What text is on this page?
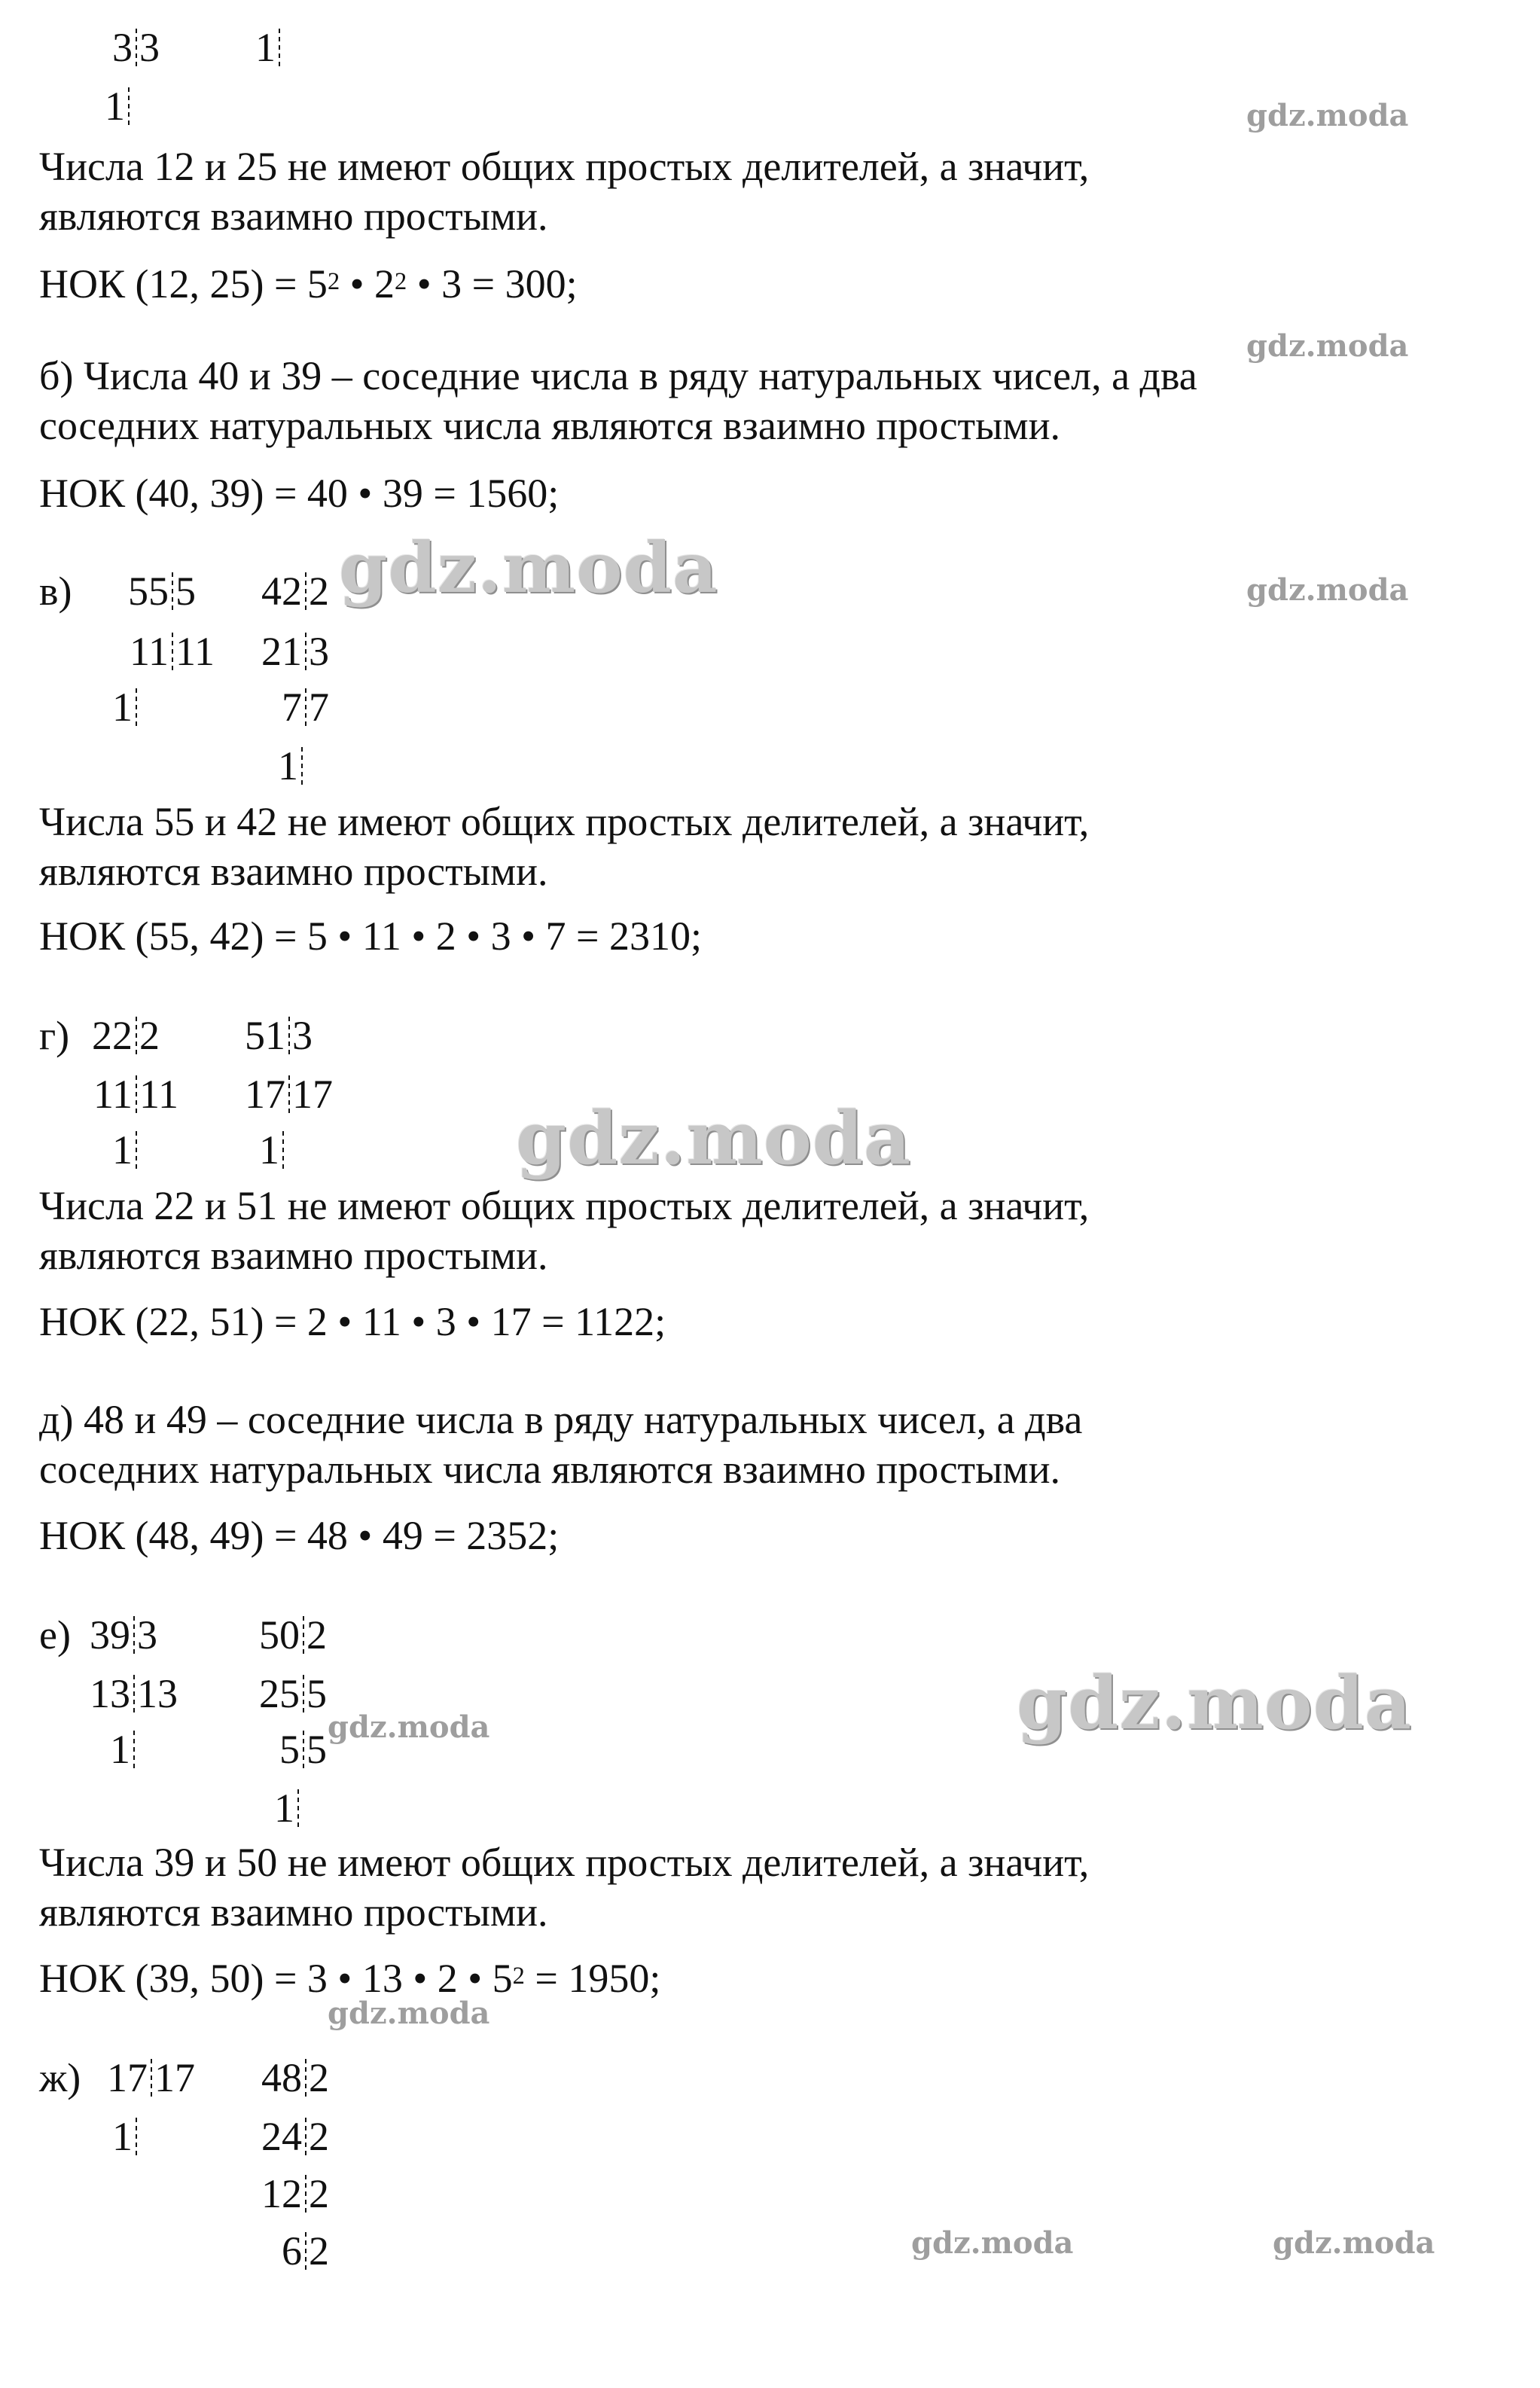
gdz.moda
gdz.moda
gdz.moda	gdz.moda
gdz.moda
gdz.moda
gdz.moda
gdz.moda
gdz.moda	gdz.moda
3 3 1
1
Числа 12 и 25 не имеют общих простых делителей, а значит,
являются взаимно простыми.
НОК (12, $25) = 5^2$ • $2^2$ • 3 = 300;
б) Числа 40 и 39 – соседние числа в ряду натуральных чисел, а два
соседних натуральных числа являются взаимно простыми.
НОК (40, 39) = 40 • 39 = 1560;
в) 55 5
11 11
1
42 2
21 3
7 7
1
Числа 55 и 42 не имеют общих простых делителей, а значит,
являются взаимно простыми.
НОК (55, 42) = 5 • 11 • 2 • 3 • 7 = 2310;
г) 22 2
11 11
1
51 3
17 17
1
Числа 22 и 51 не имеют общих простых делителей, а значит,
являются взаимно простыми.
НОК (22, 51) = 2 • 11 • 3 • 17 = 1122;
д) 48 и 49 – соседние числа в ряду натуральных чисел, а два
соседних натуральных числа являются взаимно простыми.
НОК (48, 49) = 48 • 49 = 2352;
е) 39 3
13 13
1
50 2
25 5
5 5
1
Числа 39 и 50 не имеют общих простых делителей, а значит,
являются взаимно простыми.
НОК (39, 50) = 3 • 13 • 2 • $5^2 = 1950$;
ж) 17 17
1
48 2
24 2
12 2
6 2
